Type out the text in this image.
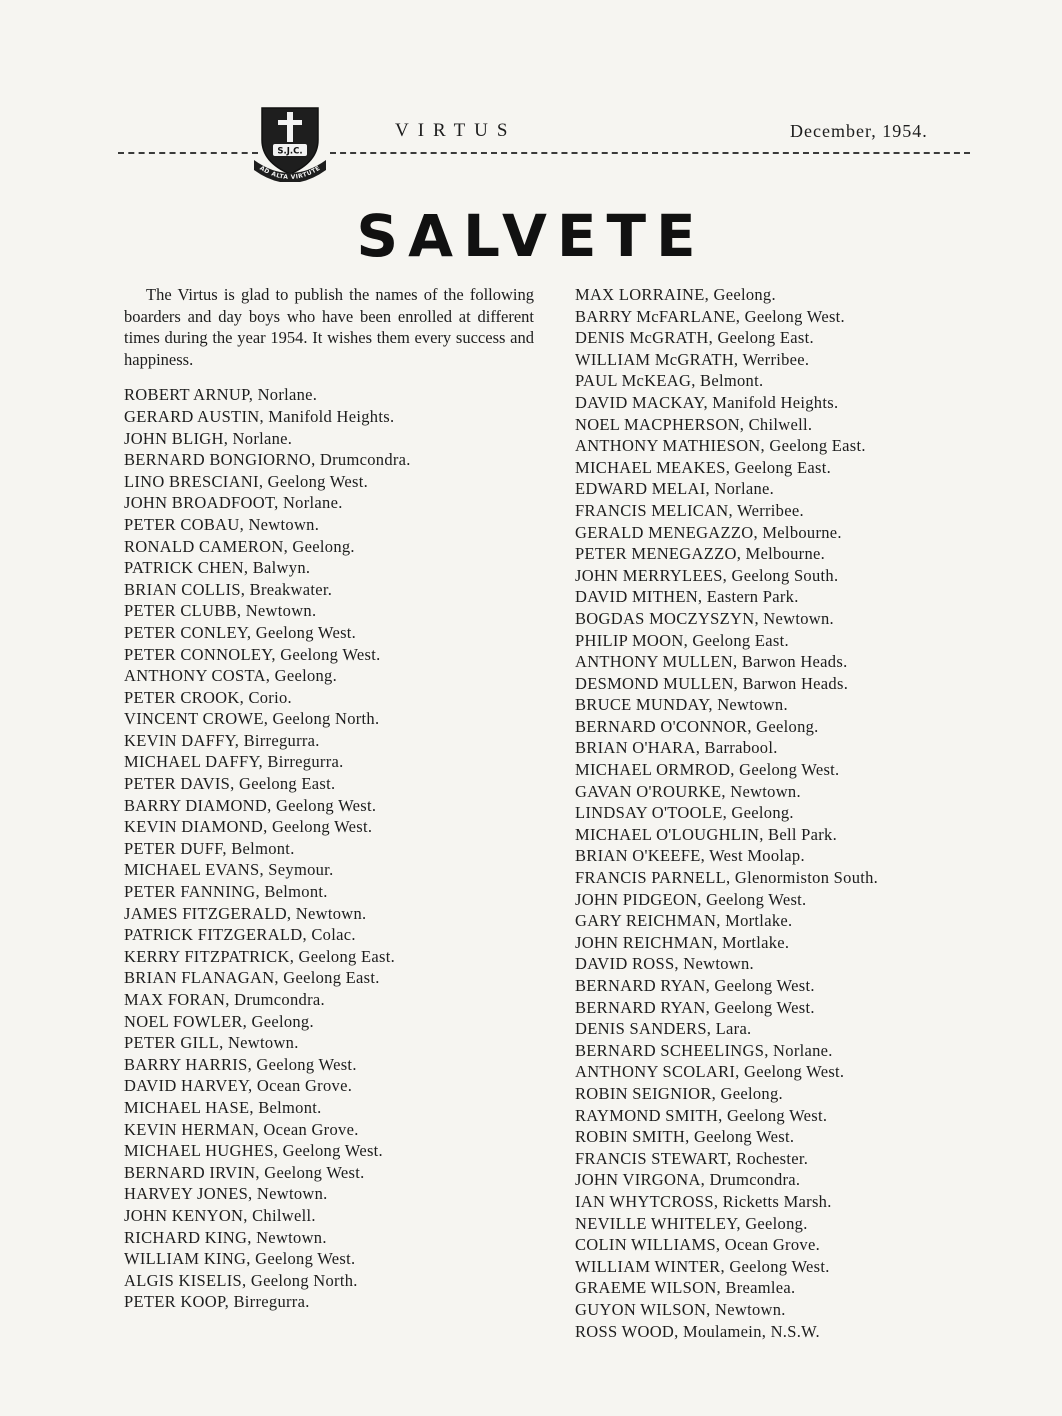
S.J.C.
AD ALTA VIRTUTE
VIRTUS	December, 1954.
SALVETE

The Virtus is glad to publish the names of the following boarders and day boys who have been enrolled at different times during the year 1954. It wishes them every success and happiness.

ROBERT ARNUP, Norlane.
GERARD AUSTIN, Manifold Heights.
JOHN BLIGH, Norlane.
BERNARD BONGIORNO, Drumcondra.
LINO BRESCIANI, Geelong West.
JOHN BROADFOOT, Norlane.
PETER COBAU, Newtown.
RONALD CAMERON, Geelong.
PATRICK CHEN, Balwyn.
BRIAN COLLIS, Breakwater.
PETER CLUBB, Newtown.
PETER CONLEY, Geelong West.
PETER CONNOLEY, Geelong West.
ANTHONY COSTA, Geelong.
PETER CROOK, Corio.
VINCENT CROWE, Geelong North.
KEVIN DAFFY, Birregurra.
MICHAEL DAFFY, Birregurra.
PETER DAVIS, Geelong East.
BARRY DIAMOND, Geelong West.
KEVIN DIAMOND, Geelong West.
PETER DUFF, Belmont.
MICHAEL EVANS, Seymour.
PETER FANNING, Belmont.
JAMES FITZGERALD, Newtown.
PATRICK FITZGERALD, Colac.
KERRY FITZPATRICK, Geelong East.
BRIAN FLANAGAN, Geelong East.
MAX FORAN, Drumcondra.
NOEL FOWLER, Geelong.
PETER GILL, Newtown.
BARRY HARRIS, Geelong West.
DAVID HARVEY, Ocean Grove.
MICHAEL HASE, Belmont.
KEVIN HERMAN, Ocean Grove.
MICHAEL HUGHES, Geelong West.
BERNARD IRVIN, Geelong West.
HARVEY JONES, Newtown.
JOHN KENYON, Chilwell.
RICHARD KING, Newtown.
WILLIAM KING, Geelong West.
ALGIS KISELIS, Geelong North.
PETER KOOP, Birregurra.
MAX LORRAINE, Geelong.
BARRY McFARLANE, Geelong West.
DENIS McGRATH, Geelong East.
WILLIAM McGRATH, Werribee.
PAUL McKEAG, Belmont.
DAVID MACKAY, Manifold Heights.
NOEL MACPHERSON, Chilwell.
ANTHONY MATHIESON, Geelong East.
MICHAEL MEAKES, Geelong East.
EDWARD MELAI, Norlane.
FRANCIS MELICAN, Werribee.
GERALD MENEGAZZO, Melbourne.
PETER MENEGAZZO, Melbourne.
JOHN MERRYLEES, Geelong South.
DAVID MITHEN, Eastern Park.
BOGDAS MOCZYSZYN, Newtown.
PHILIP MOON, Geelong East.
ANTHONY MULLEN, Barwon Heads.
DESMOND MULLEN, Barwon Heads.
BRUCE MUNDAY, Newtown.
BERNARD O'CONNOR, Geelong.
BRIAN O'HARA, Barrabool.
MICHAEL ORMROD, Geelong West.
GAVAN O'ROURKE, Newtown.
LINDSAY O'TOOLE, Geelong.
MICHAEL O'LOUGHLIN, Bell Park.
BRIAN O'KEEFE, West Moolap.
FRANCIS PARNELL, Glenormiston South.
JOHN PIDGEON, Geelong West.
GARY REICHMAN, Mortlake.
JOHN REICHMAN, Mortlake.
DAVID ROSS, Newtown.
BERNARD RYAN, Geelong West.
BERNARD RYAN, Geelong West.
DENIS SANDERS, Lara.
BERNARD SCHEELINGS, Norlane.
ANTHONY SCOLARI, Geelong West.
ROBIN SEIGNIOR, Geelong.
RAYMOND SMITH, Geelong West.
ROBIN SMITH, Geelong West.
FRANCIS STEWART, Rochester.
JOHN VIRGONA, Drumcondra.
IAN WHYTCROSS, Ricketts Marsh.
NEVILLE WHITELEY, Geelong.
COLIN WILLIAMS, Ocean Grove.
WILLIAM WINTER, Geelong West.
GRAEME WILSON, Breamlea.
GUYON WILSON, Newtown.
ROSS WOOD, Moulamein, N.S.W.
